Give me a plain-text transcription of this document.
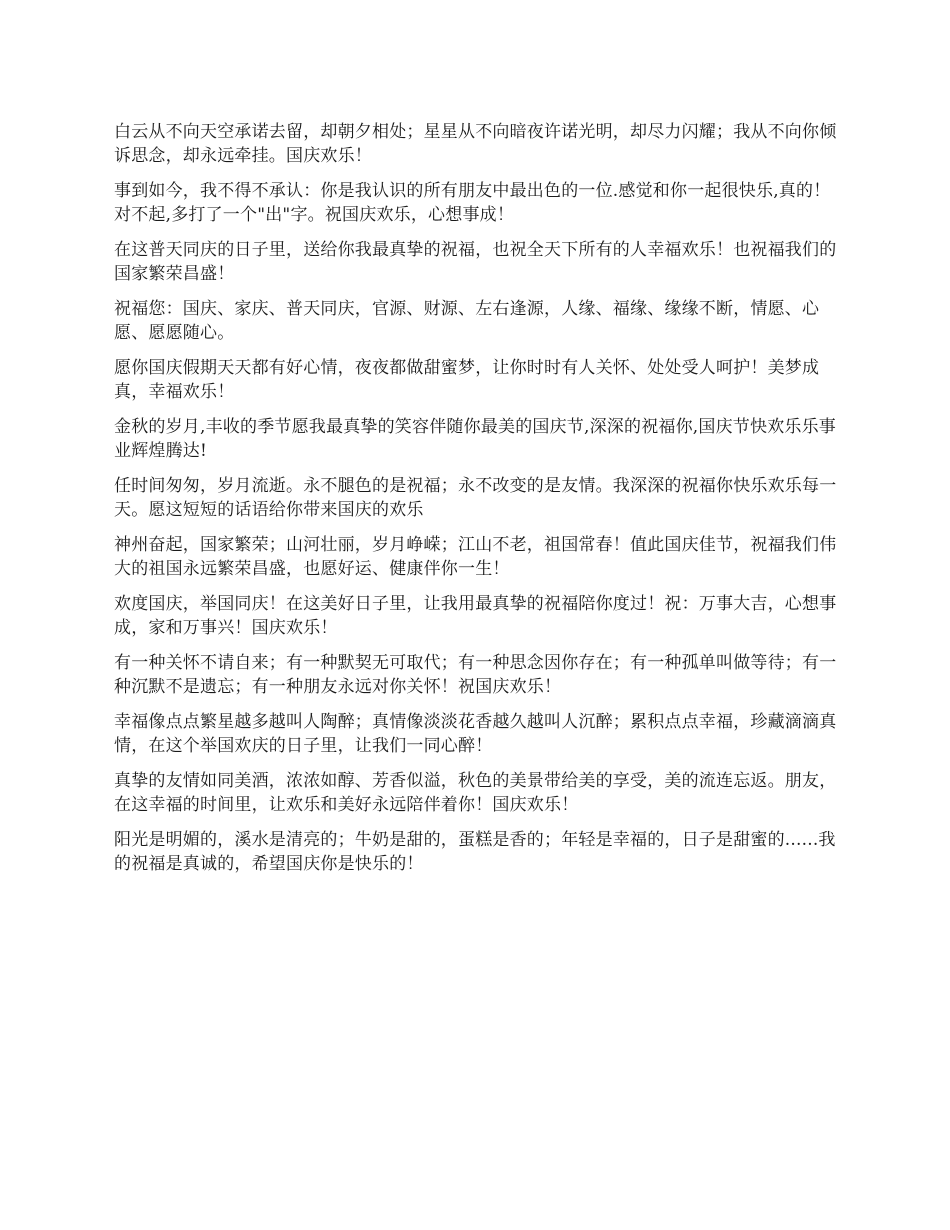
白云从不向天空承诺去留，却朝夕相处；星星从不向暗夜许诺光明，却尽力闪耀；我从不向你倾诉思念，却永远牵挂。国庆欢乐！

事到如今，我不得不承认：你是我认识的所有朋友中最出色的一位.感觉和你一起很快乐,真的！对不起,多打了一个"出"字。祝国庆欢乐，心想事成！

在这普天同庆的日子里，送给你我最真挚的祝福，也祝全天下所有的人幸福欢乐！也祝福我们的国家繁荣昌盛！

祝福您：国庆、家庆、普天同庆，官源、财源、左右逢源，人缘、福缘、缘缘不断，情愿、心愿、愿愿随心。

愿你国庆假期天天都有好心情，夜夜都做甜蜜梦，让你时时有人关怀、处处受人呵护！美梦成真，幸福欢乐！

金秋的岁月,丰收的季节愿我最真挚的笑容伴随你最美的国庆节,深深的祝福你,国庆节快欢乐乐事业辉煌腾达!

任时间匆匆，岁月流逝。永不腿色的是祝福；永不改变的是友情。我深深的祝福你快乐欢乐每一天。愿这短短的话语给你带来国庆的欢乐

神州奋起，国家繁荣；山河壮丽，岁月峥嵘；江山不老，祖国常春！值此国庆佳节，祝福我们伟大的祖国永远繁荣昌盛，也愿好运、健康伴你一生！

欢度国庆，举国同庆！在这美好日子里，让我用最真挚的祝福陪你度过！祝：万事大吉，心想事成，家和万事兴！国庆欢乐！

有一种关怀不请自来；有一种默契无可取代；有一种思念因你存在；有一种孤单叫做等待；有一种沉默不是遗忘；有一种朋友永远对你关怀！祝国庆欢乐！

幸福像点点繁星越多越叫人陶醉；真情像淡淡花香越久越叫人沉醉；累积点点幸福，珍藏滴滴真情，在这个举国欢庆的日子里，让我们一同心醉！

真挚的友情如同美酒，浓浓如醇、芳香似溢，秋色的美景带给美的享受，美的流连忘返。朋友，在这幸福的时间里，让欢乐和美好永远陪伴着你！国庆欢乐！

阳光是明媚的，溪水是清亮的；牛奶是甜的，蛋糕是香的；年轻是幸福的，日子是甜蜜的......我的祝福是真诚的，希望国庆你是快乐的！
